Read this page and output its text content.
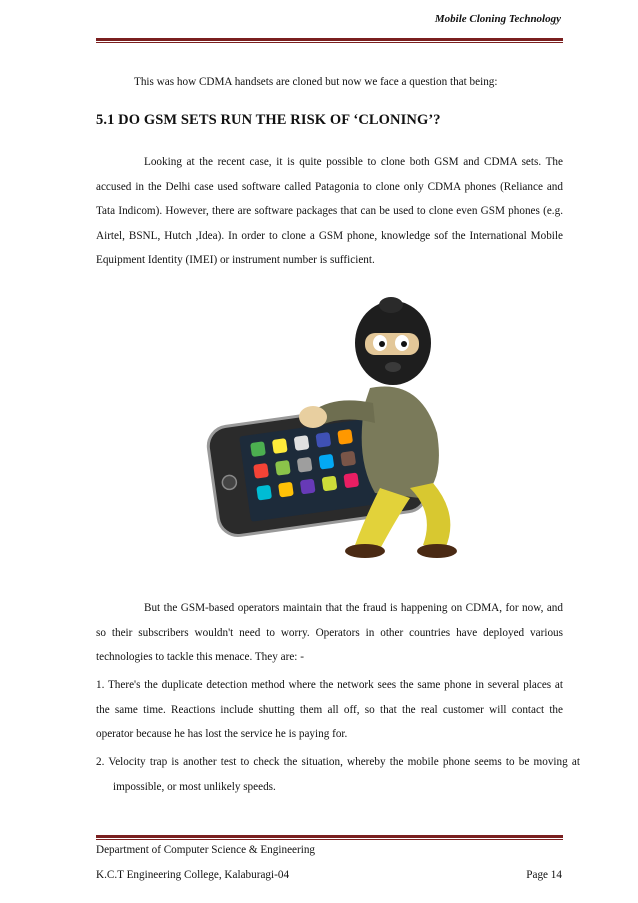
Mobile Cloning Technology
This was how CDMA handsets are cloned but now we face a question that being:
5.1 DO GSM SETS RUN THE RISK OF ‘CLONING’?
Looking at the recent case, it is quite possible to clone both GSM and CDMA sets. The accused in the Delhi case used software called Patagonia to clone only CDMA phones (Reliance and Tata Indicom). However, there are software packages that can be used to clone even GSM phones (e.g. Airtel, BSNL, Hutch ,Idea). In order to clone a GSM phone, knowledge sof the International Mobile Equipment Identity (IMEI) or instrument number is sufficient.
But the GSM-based operators maintain that the fraud is happening on CDMA, for now, and so their subscribers wouldn't need to worry. Operators in other countries have deployed various technologies to tackle this menace. They are: -
1. There's the duplicate detection method where the network sees the same phone in several places at the same time. Reactions include shutting them all off, so that the real customer will contact the operator because he has lost the service he is paying for.
2. Velocity trap is another test to check the situation, whereby the mobile phone seems to be moving at impossible, or most unlikely speeds.
Department of Computer Science & Engineering
K.C.T Engineering College, Kalaburagi-04	Page 14
